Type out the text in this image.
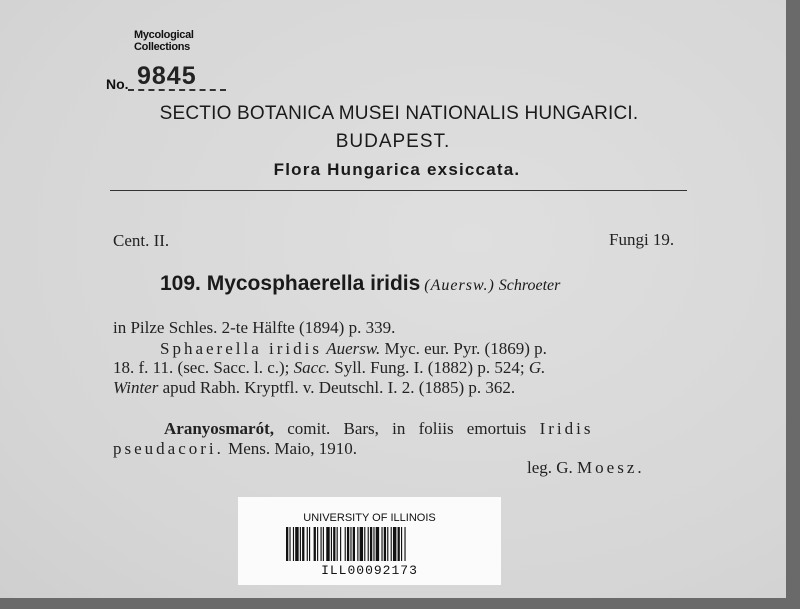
Mycological
Collections
No. 9845
SECTIO BOTANICA MUSEI NATIONALIS HUNGARICI.
BUDAPEST.
Flora Hungarica exsiccata.
Cent. II.	Fungi 19.
109. Mycosphaerella iridis (Auersw.) Schroeter
in Pilze Schles. 2-te Hälfte (1894) p. 339.
Sphaerella iridis Auersw. Myc. eur. Pyr. (1869) p.
18. f. 11. (sec. Sacc. l. c.); Sacc. Syll. Fung. I. (1882) p. 524; G.
Winter apud Rabh. Kryptfl. v. Deutschl. I. 2. (1885) p. 362.
Aranyosmarót, comit. Bars, in foliis emortuis Iridis
pseudacori. Mens. Maio, 1910.
leg. G. Moesz.
UNIVERSITY OF ILLINOIS
ILL00092173
